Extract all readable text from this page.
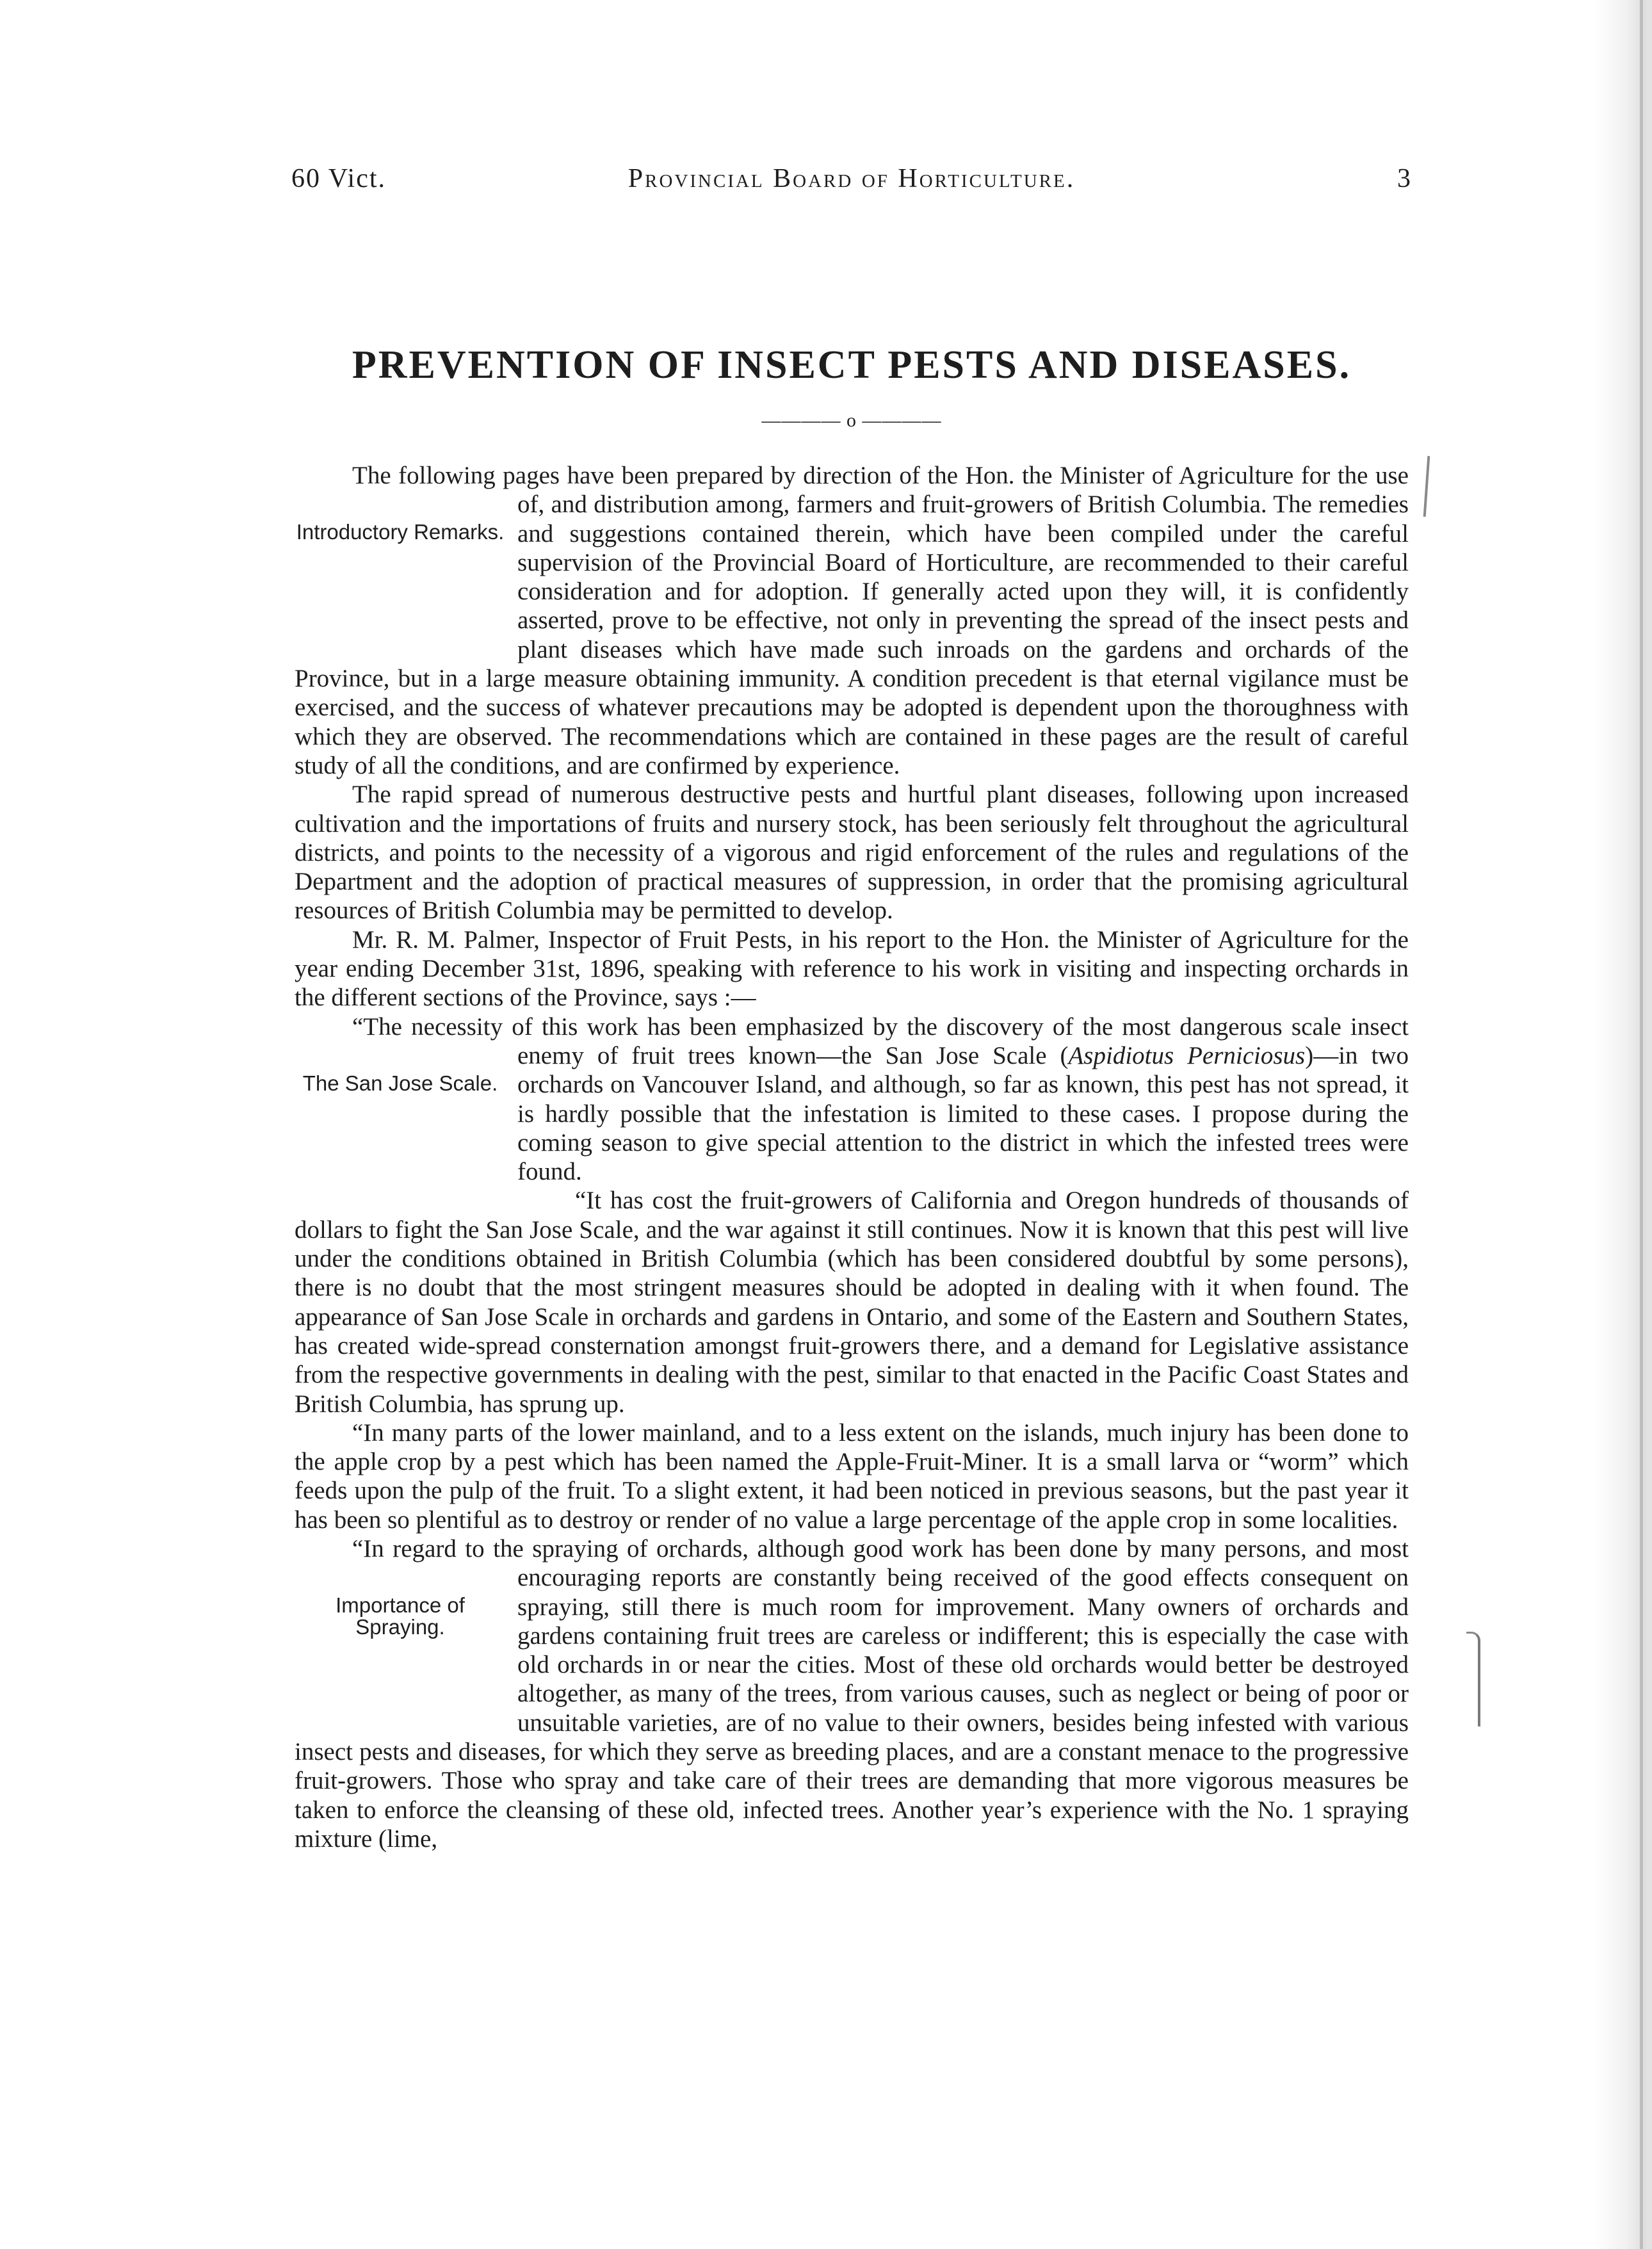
60 Vict.	Provincial Board of Horticulture.	3
PREVENTION OF INSECT PESTS AND DISEASES.
———— o ————
Introductory Remarks.

The following pages have been prepared by direction of the Hon. the Minister of Agriculture for the use of, and distribution among, farmers and fruit-growers of British Columbia. The remedies and suggestions contained therein, which have been compiled under the careful supervision of the Provincial Board of Horticulture, are recommended to their careful consideration and for adoption. If generally acted upon they will, it is confidently asserted, prove to be effective, not only in preventing the spread of the insect pests and plant diseases which have made such inroads on the gardens and orchards of the Province, but in a large measure obtaining immunity. A condition precedent is that eternal vigilance must be exercised, and the success of whatever precautions may be adopted is dependent upon the thoroughness with which they are observed. The recommendations which are contained in these pages are the result of careful study of all the conditions, and are confirmed by experience.

The rapid spread of numerous destructive pests and hurtful plant diseases, following upon increased cultivation and the importations of fruits and nursery stock, has been seriously felt throughout the agricultural districts, and points to the necessity of a vigorous and rigid enforcement of the rules and regulations of the Department and the adoption of practical measures of suppression, in order that the promising agricultural resources of British Columbia may be permitted to develop.

Mr. R. M. Palmer, Inspector of Fruit Pests, in his report to the Hon. the Minister of Agriculture for the year ending December 31st, 1896, speaking with reference to his work in visiting and inspecting orchards in the different sections of the Province, says :—

The San Jose Scale.

“The necessity of this work has been emphasized by the discovery of the most dangerous scale insect enemy of fruit trees known—the San Jose Scale (Aspidiotus Perniciosus)—in two orchards on Vancouver Island, and although, so far as known, this pest has not spread, it is hardly possible that the infestation is limited to these cases. I propose during the coming season to give special attention to the district in which the infested trees were found.

“It has cost the fruit-growers of California and Oregon hundreds of thousands of dollars to fight the San Jose Scale, and the war against it still continues. Now it is known that this pest will live under the conditions obtained in British Columbia (which has been considered doubtful by some persons), there is no doubt that the most stringent measures should be adopted in dealing with it when found. The appearance of San Jose Scale in orchards and gardens in Ontario, and some of the Eastern and Southern States, has created wide-spread consternation amongst fruit-growers there, and a demand for Legislative assistance from the respective governments in dealing with the pest, similar to that enacted in the Pacific Coast States and British Columbia, has sprung up.

“In many parts of the lower mainland, and to a less extent on the islands, much injury has been done to the apple crop by a pest which has been named the Apple-Fruit-Miner. It is a small larva or “worm” which feeds upon the pulp of the fruit. To a slight extent, it had been noticed in previous seasons, but the past year it has been so plentiful as to destroy or render of no value a large percentage of the apple crop in some localities.

Importance of Spraying.

“In regard to the spraying of orchards, although good work has been done by many persons, and most encouraging reports are constantly being received of the good effects consequent on spraying, still there is much room for improvement. Many owners of orchards and gardens containing fruit trees are careless or indifferent; this is especially the case with old orchards in or near the cities. Most of these old orchards would better be destroyed altogether, as many of the trees, from various causes, such as neglect or being of poor or unsuitable varieties, are of no value to their owners, besides being infested with various insect pests and diseases, for which they serve as breeding places, and are a constant menace to the progressive fruit-growers. Those who spray and take care of their trees are demanding that more vigorous measures be taken to enforce the cleansing of these old, infected trees. Another year’s experience with the No. 1 spraying mixture (lime,
